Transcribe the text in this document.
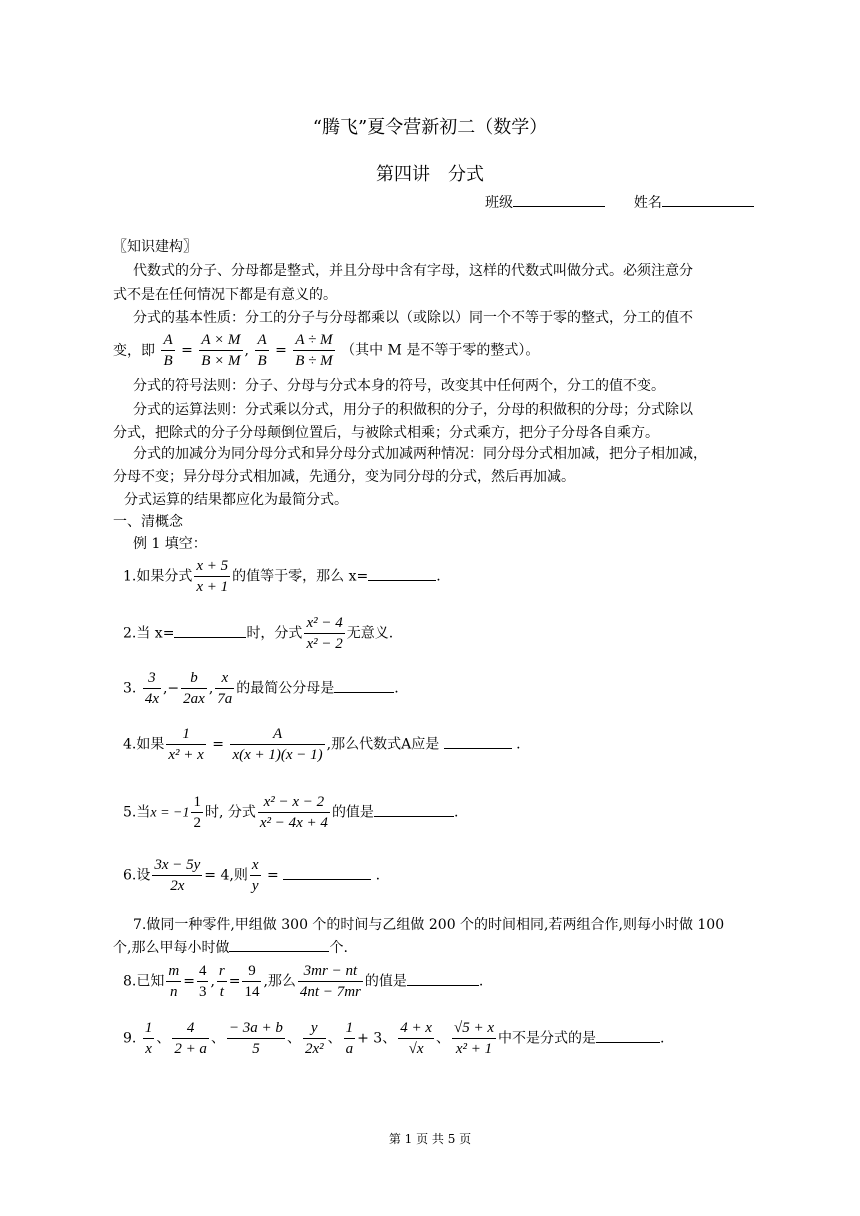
“腾飞”夏令营新初二（数学）
第四讲　分式
班级	姓名
〖知识建构〗
代数式的分子、分母都是整式，并且分母中含有字母，这样的代数式叫做分式。必须注意分
式不是在任何情况下都是有意义的。
分式的基本性质：分工的分子与分母都乘以（或除以）同一个不等于零的整式，分工的值不
变，即 $\frac{A}{B} = \frac{A \times M}{B \times M}$ , $\frac{A}{B} = \frac{A \div M}{B \div M}$ （其中 M 是不等于零的整式）。
分式的符号法则：分子、分母与分式本身的符号，改变其中任何两个，分工的值不变。
分式的运算法则：分式乘以分式，用分子的积做积的分子，分母的积做积的分母；分式除以
分式，把除式的分子分母颠倒位置后，与被除式相乘；分式乘方，把分子分母各自乘方。
分式的加减分为同分母分式和异分母分式加减两种情况：同分母分式相加减，把分子相加减，
分母不变；异分母分式相加减，先通分，变为同分母的分式，然后再加减。
分式运算的结果都应化为最简分式。
一、清概念
例 1 填空：
1.如果分式 $\frac{x + 5}{x + 1}$ 的值等于零，那么 x=	.
2.当 x=	时，分式 $\frac{\text{x² − 4}}{\text{x² − 2}}$ 无意义.
3. $\frac{3}{4x}$ ,− $\frac{b}{2ax}$ , $\frac{x}{7a}$ 的最简公分母是	.
4.如果 $\frac{1}{\text{x² + x}} = \frac{A}{x(x + 1)(x - 1)}$ ,那么代数式A应是	.
5.当$x = -1 \frac{1}{2}$ 时, 分式 $\frac{\text{x² − x − 2}}{\text{x² − 4x + 4}}$ 的值是	.
6.设 $\frac{3x - 5y}{2x} = 4$,则 $\frac{x}{y}$ =	.
7.做同一种零件,甲组做 300 个的时间与乙组做 200 个的时间相同,若两组合作,则每小时做 100
个,那么甲每小时做	个.
8.已知 $\frac{m}{n} = \frac{4}{3}$ , $\frac{r}{t} = \frac{9}{14}$ ,那么 $\frac{3mr - nt}{4nt - 7mr}$ 的值是	.
9. $\frac{1}{x}$ 、 $\frac{4}{2 + a}$ 、 $\frac{- 3a + b}{5}$ 、 $\frac{y}{\text{2x²}}$ 、 $\frac{1}{a} + 3$、 $\frac{4 + x}{√x}$ 、 $\frac{√5 + x}{\text{x² + 1}}$ 中不是分式的是	.
第 1 页 共 5 页
